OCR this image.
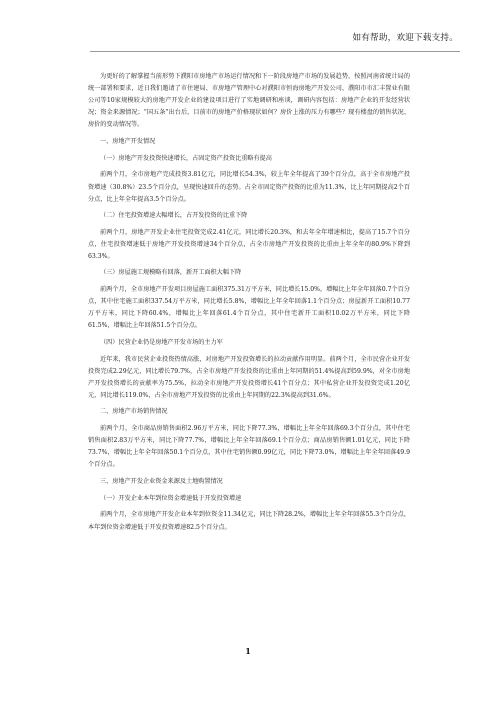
如有帮助，欢迎下载支持。

为更好的了解掌握当前形势下濮阳市房地产市场运行情况和下一阶段房地产市场的发展趋势，按照河南省统计局的统一部署和要求，近日我们邀请了市住建局、市房地产管理中心对濮阳市恒海房地产开发公司、濮阳市市汇丰置业有限公司等10家规模较大的房地产开发企业的建设项目进行了实地调研和座谈，调研内容包括：房地产企业的开发经营状况；资金来源情况；“国五条”出台后，目前市的房地产价格现状如何？房价上涨的压力有哪些？现有楼盘的销售状况、房价的变动情况等。

一、房地产开发情况

（一）房地产开发投资快速增长，占固定资产投资比重略有提高

前两个月，全市房地产完成投资3.81亿元，同比增长54.3%，较上年全年提高了39个百分点，高于全市房地产投资增速（30.8%）23.5个百分点，呈现快速回升的态势。占全市固定资产投资的比重为11.3%，比上年同期提高2个百分点，比上年全年提高3.5个百分点。

（二）住宅投资增速大幅增长，占开发投资的比重下降

前两个月，房地产开发企业住宅投资完成2.41亿元，同比增长20.3%，和去年全年增速相比，提高了15.7个百分点，住宅投资增速低于房地产开发投资增速34个百分点，占全市房地产开发投资的比重由上年全年的80.9%下降到63.3%。

（三）房屋施工规模略有回落，新开工面积大幅下降

前两个月，全市房地产开发项目房屋施工面积375.31万平方米，同比增长15.0%，增幅比上年全年回落0.7个百分点，其中住宅施工面积337.54万平方米，同比增长5.8%，增幅比上年全年回落1.1个百分点；房屋新开工面积10.77万平方米，同比下降60.4%，增幅比上年回落61.4个百分点，其中住宅新开工面积10.02万平方米，同比下降61.5%，增幅比上年回落51.5个百分点。

（四）民营企业仍是房地产开发市场的主力军

近年来，我市民营企业投资热情高涨，对房地产开发投资增长的拉动贡献作用明显。前两个月，全市民营企业开发投资完成2.29亿元，同比增长79.7%，占全市房地产开发投资的比重由上年同期的51.4%提高到59.9%，对全市房地产开发投资增长的贡献率为75.5%，拉动全市房地产开发投资增长41个百分点；其中私营企业开发投资完成1.20亿元，同比增长119.0%，占全市房地产开发投资的比重由上年同期的22.3%提高到31.6%。

二、房地产市场销售情况

前两个月，全市商品房销售面积2.96万平方米，同比下降77.3%，增幅比上年全年回落69.3个百分点，其中住宅销售面积2.83万平方米，同比下降77.7%，增幅比上年全年回落69.1个百分点；商品房销售额1.01亿元，同比下降73.7%，增幅比上年全年回落50.1个百分点，其中住宅销售额0.99亿元，同比下降73.0%，增幅比上年全年回落49.9个百分点。

三、房地产开发企业资金来源及土地购置情况

（一）开发企业本年到位资金增速低于开发投资增速

前两个月，全市房地产开发企业本年到位资金11.34亿元，同比下降28.2%，增幅比上年全年回落55.3个百分点，本年到位资金增速低于开发投资增速82.5个百分点。

1
